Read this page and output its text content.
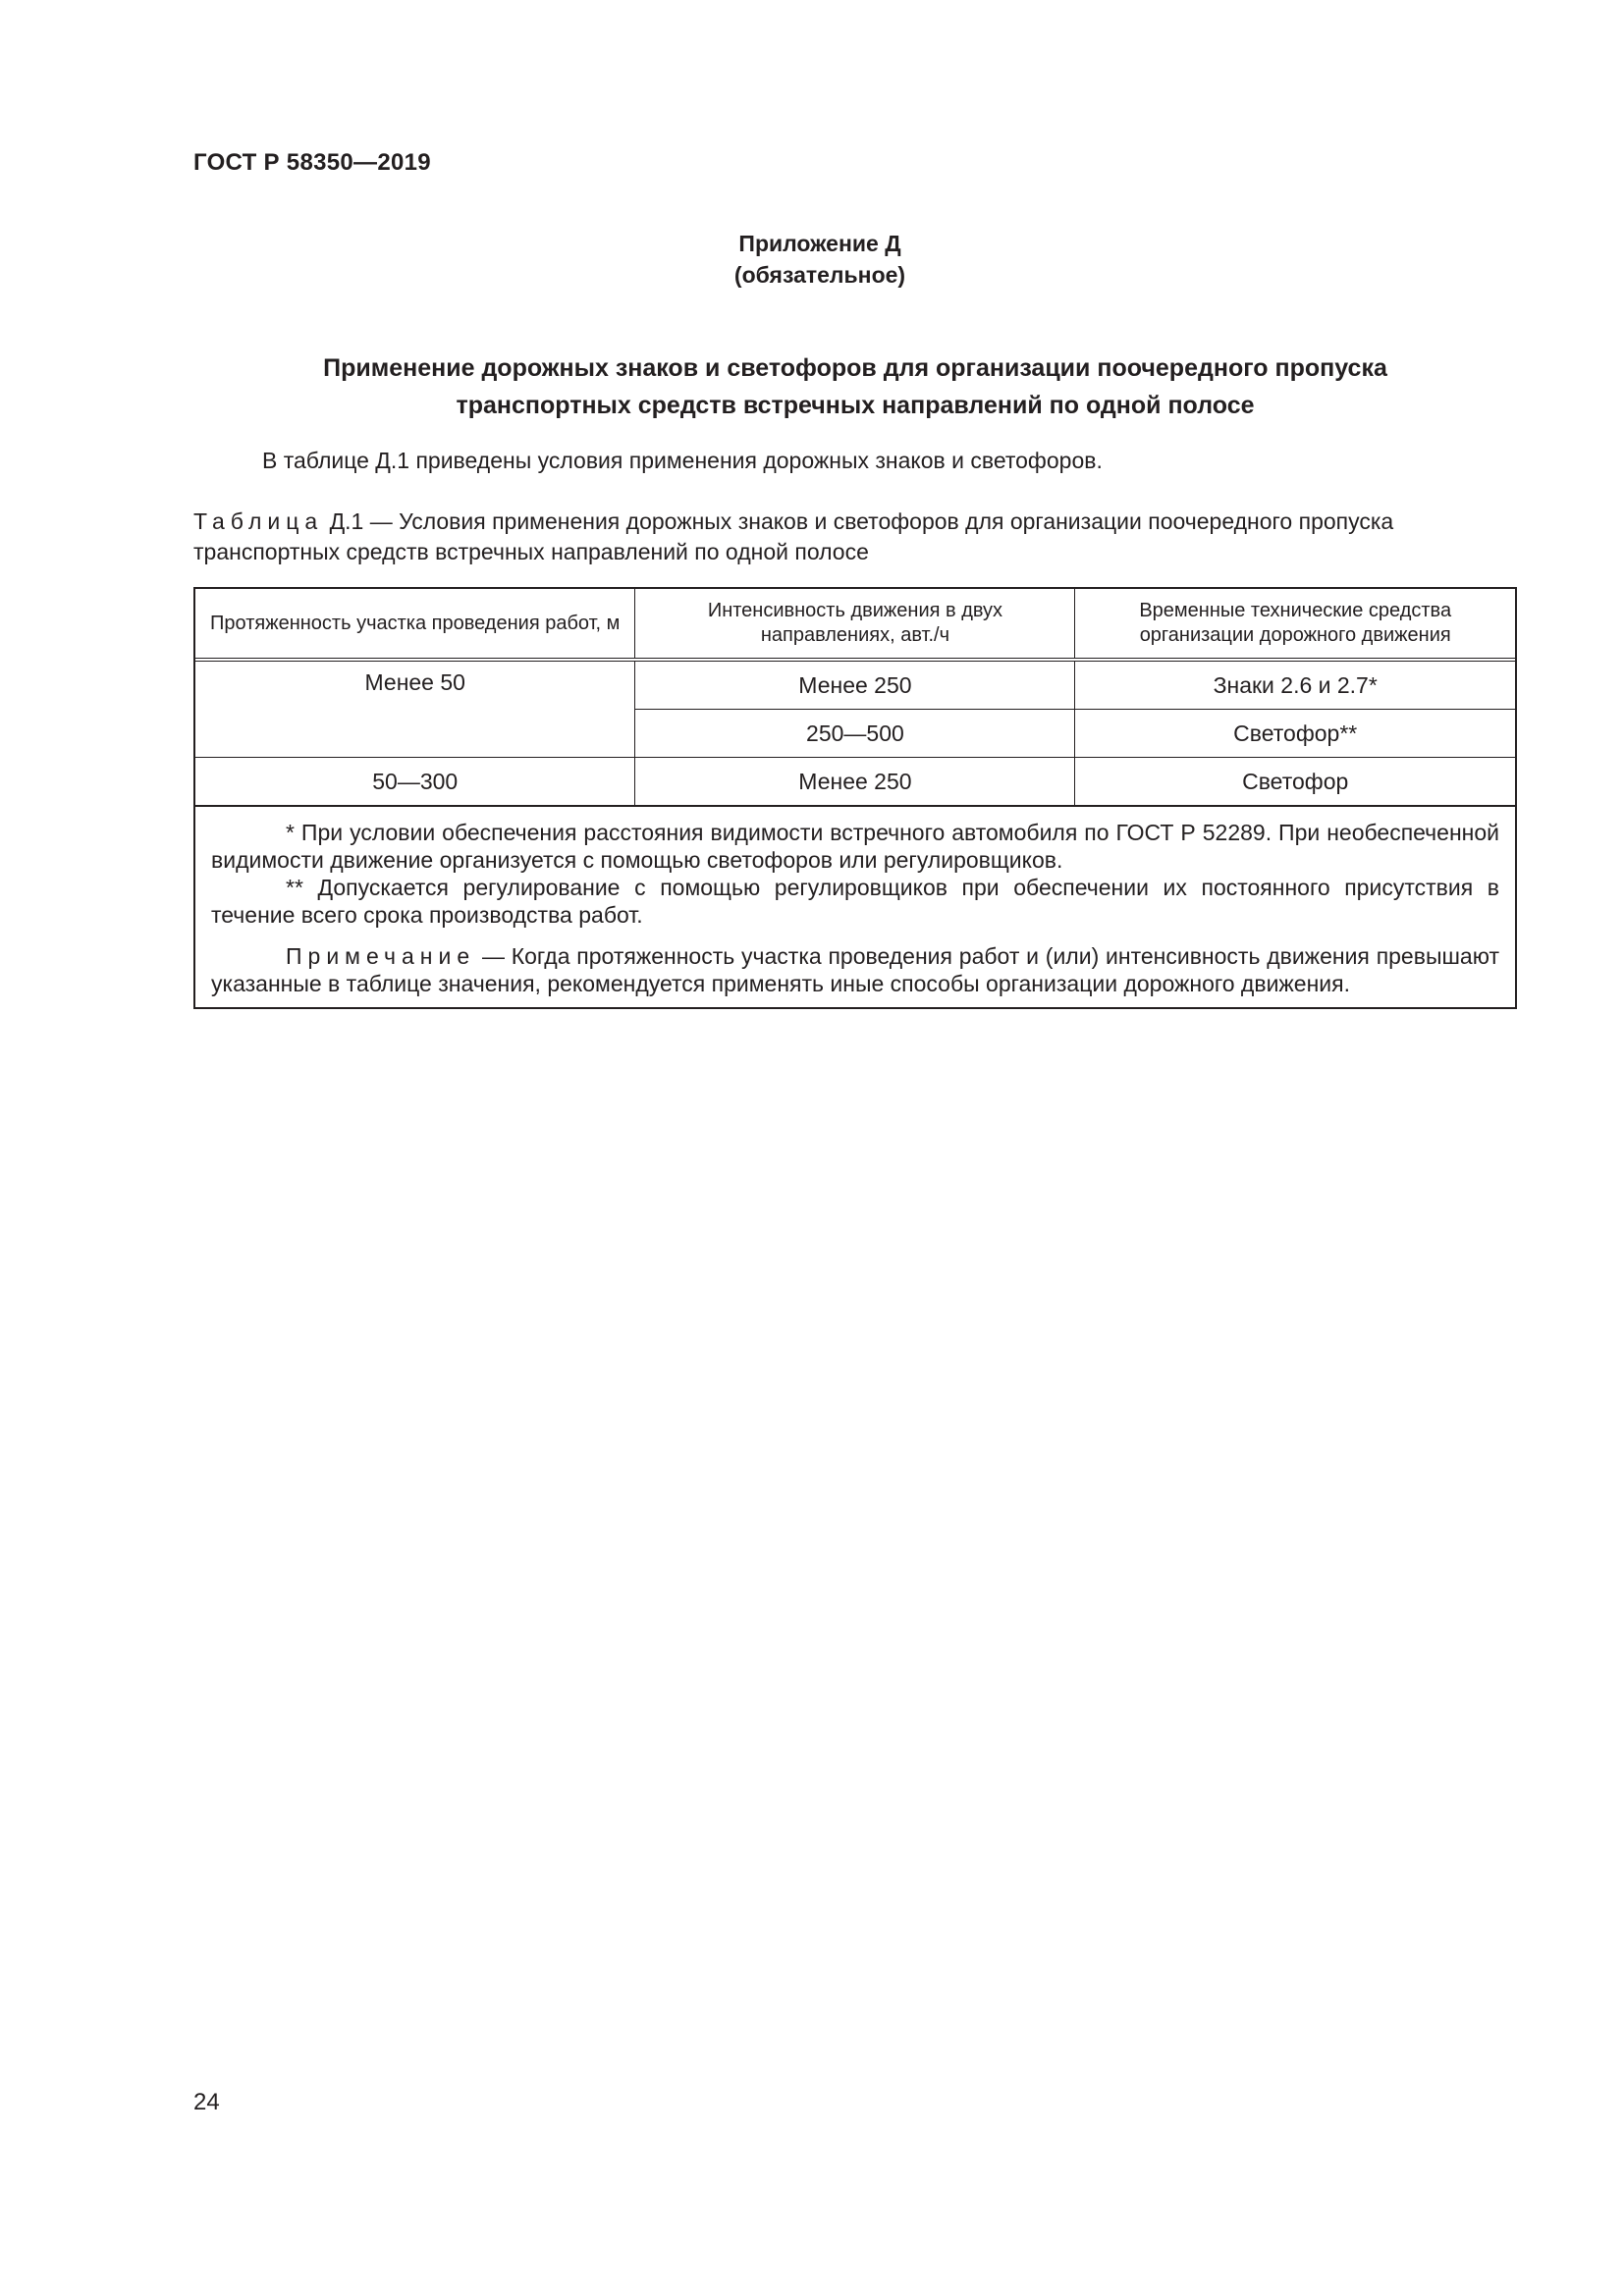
ГОСТ Р 58350—2019
Приложение Д
(обязательное)
Применение дорожных знаков и светофоров для организации поочередного пропуска
транспортных средств встречных направлений по одной полосе
В таблице Д.1 приведены условия применения дорожных знаков и светофоров.
Таблица Д.1 — Условия применения дорожных знаков и светофоров для организации поочередного пропуска транспортных средств встречных направлений по одной полосе
Протяженность участка проведения работ, м	Интенсивность движения в двух направлениях, авт./ч	Временные технические средства организации дорожного движения
Менее 50	Менее 250	Знаки 2.6 и 2.7*
	250—500	Светофор**
50—300	Менее 250	Светофор

* При условии обеспечения расстояния видимости встречного автомобиля по ГОСТ Р 52289. При необеспеченной видимости движение организуется с помощью светофоров или регулировщиков.

** Допускается регулирование с помощью регулировщиков при обеспечении их постоянного присутствия в течение всего срока производства работ.

Примечание — Когда протяженность участка проведения работ и (или) интенсивность движения превышают указанные в таблице значения, рекомендуется применять иные способы организации дорожного движения.

24
